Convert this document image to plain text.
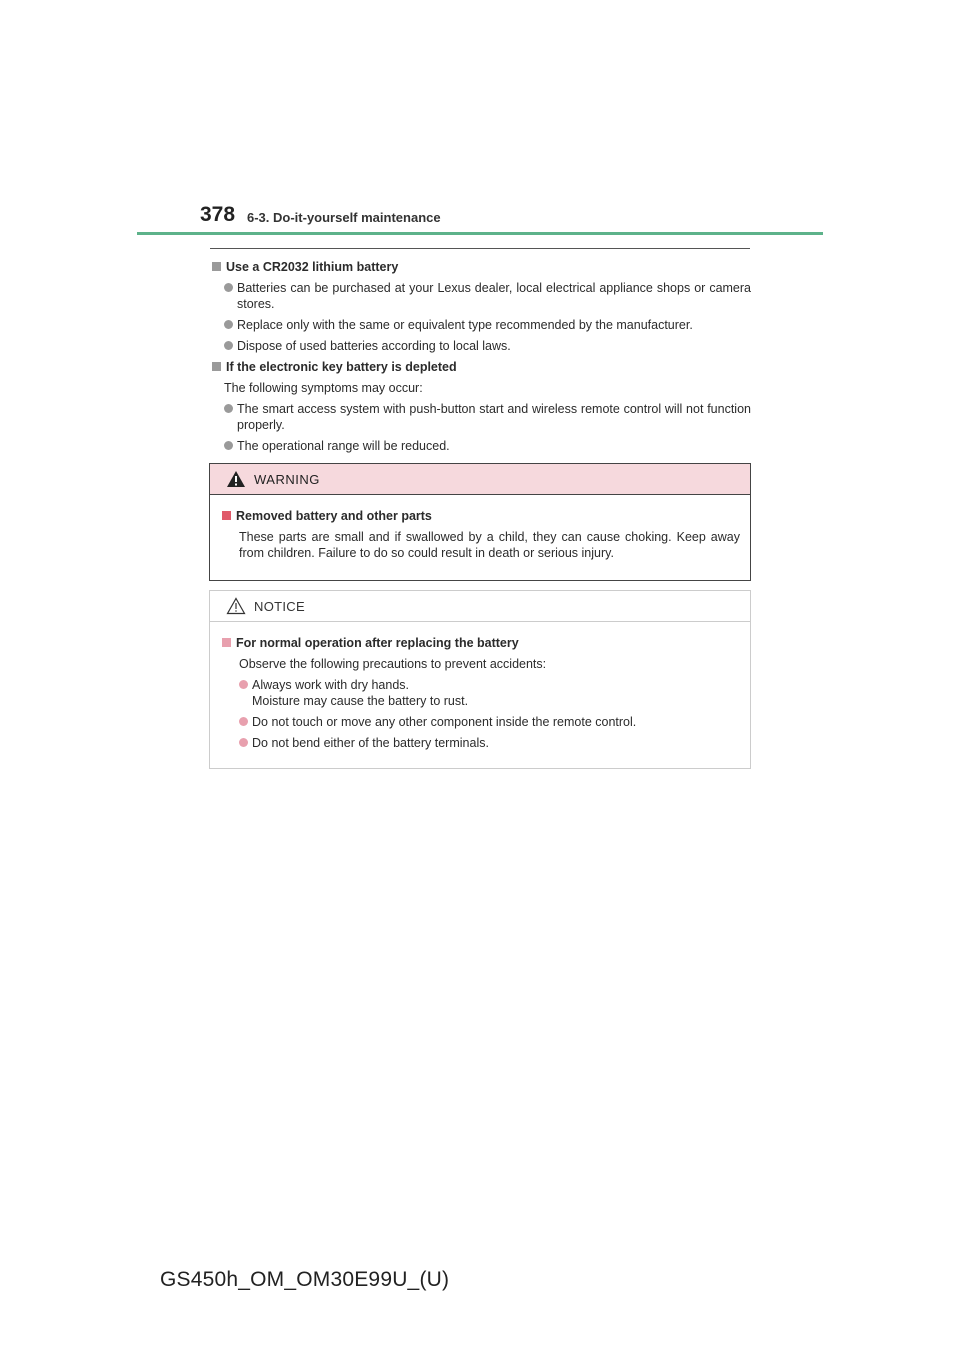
378 6-3. Do-it-yourself maintenance
Use a CR2032 lithium battery
Batteries can be purchased at your Lexus dealer, local electrical appliance shops or camera stores.
Replace only with the same or equivalent type recommended by the manufacturer.
Dispose of used batteries according to local laws.
If the electronic key battery is depleted
The following symptoms may occur:
The smart access system with push-button start and wireless remote control will not function properly.
The operational range will be reduced.
WARNING
Removed battery and other parts
These parts are small and if swallowed by a child, they can cause choking. Keep away from children. Failure to do so could result in death or serious injury.
NOTICE
For normal operation after replacing the battery
Observe the following precautions to prevent accidents:
Always work with dry hands.
Moisture may cause the battery to rust.
Do not touch or move any other component inside the remote control.
Do not bend either of the battery terminals.
GS450h_OM_OM30E99U_(U)
